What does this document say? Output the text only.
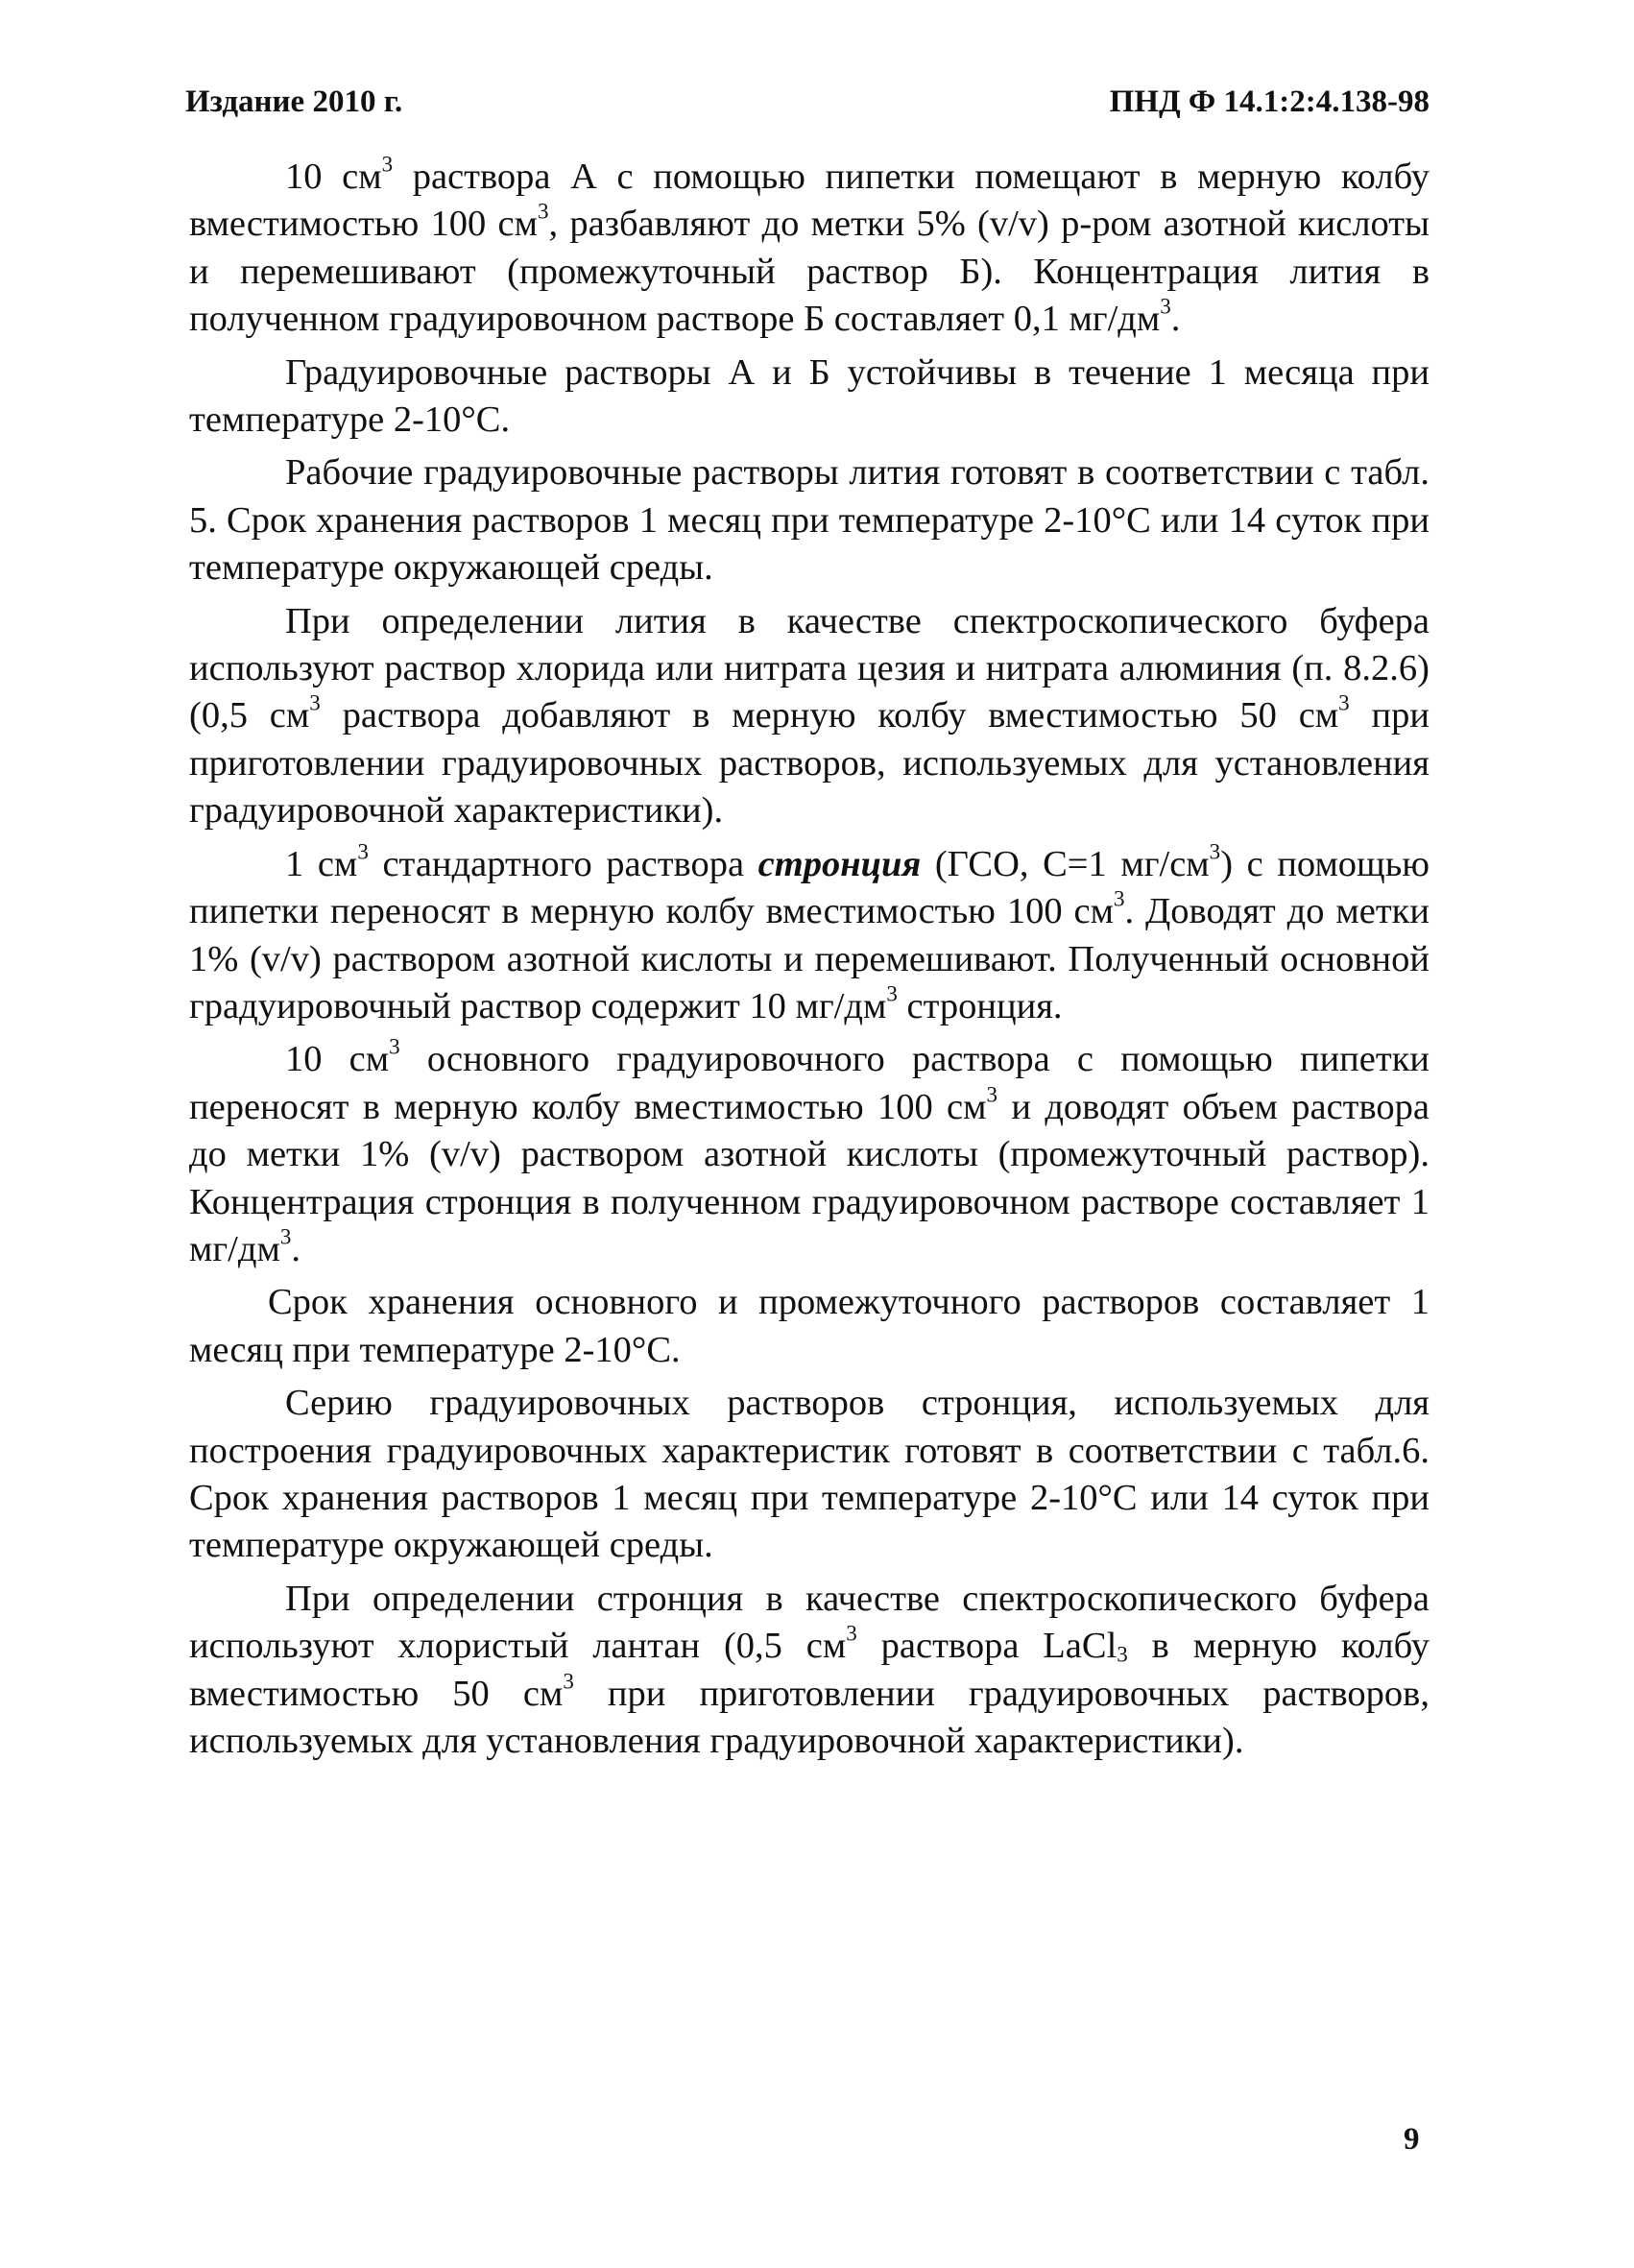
Издание 2010 г.	ПНД Ф 14.1:2:4.138-98

10 $см^3$ раствора А с помощью пипетки помещают в мерную колбу вместимостью 100 $см^3$, разбавляют до метки 5% (v/v) р-ром азотной кислоты и перемешивают (промежуточный раствор Б). Концентрация лития в полученном градуировочном растворе Б составляет 0,1 $мг/дм^3$.

Градуировочные растворы А и Б устойчивы в течение 1 месяца при температуре 2-10°С.

Рабочие градуировочные растворы лития готовят в соответствии с табл. 5. Срок хранения растворов 1 месяц при температуре 2-10°С или 14 суток при температуре окружающей среды.

При определении лития в качестве спектроскопического буфера используют раствор хлорида или нитрата цезия и нитрата алюминия (п. 8.2.6) (0,5 $см^3$ раствора добавляют в мерную колбу вместимостью 50 $см^3$ при приготовлении градуировочных растворов, используемых для установления градуировочной характеристики).

1 $см^3$ стандартного раствора стронция (ГСО, С=1 $мг/см^3$) с помощью пипетки переносят в мерную колбу вместимостью 100 $см^3$. Доводят до метки 1% (v/v) раствором азотной кислоты и перемешивают. Полученный основной градуировочный раствор содержит 10 $мг/дм^3$ стронция.

10 $см^3$ основного градуировочного раствора с помощью пипетки переносят в мерную колбу вместимостью 100 $см^3$ и доводят объем раствора до метки 1% (v/v) раствором азотной кислоты (промежуточный раствор). Концентрация стронция в полученном градуировочном растворе составляет 1 $мг/дм^3$.

Срок хранения основного и промежуточного растворов составляет 1 месяц при температуре 2-10°С.

Серию градуировочных растворов стронция, используемых для построения градуировочных характеристик готовят в соответствии с табл.6. Срок хранения растворов 1 месяц при температуре 2-10°С или 14 суток при температуре окружающей среды.

При определении стронция в качестве спектроскопического буфера используют хлористый лантан (0,5 $см^3$ раствора LaCl$_3$ в мерную колбу вместимостью 50 $см^3$ при приготовлении градуировочных растворов, используемых для установления градуировочной характеристики).

9
